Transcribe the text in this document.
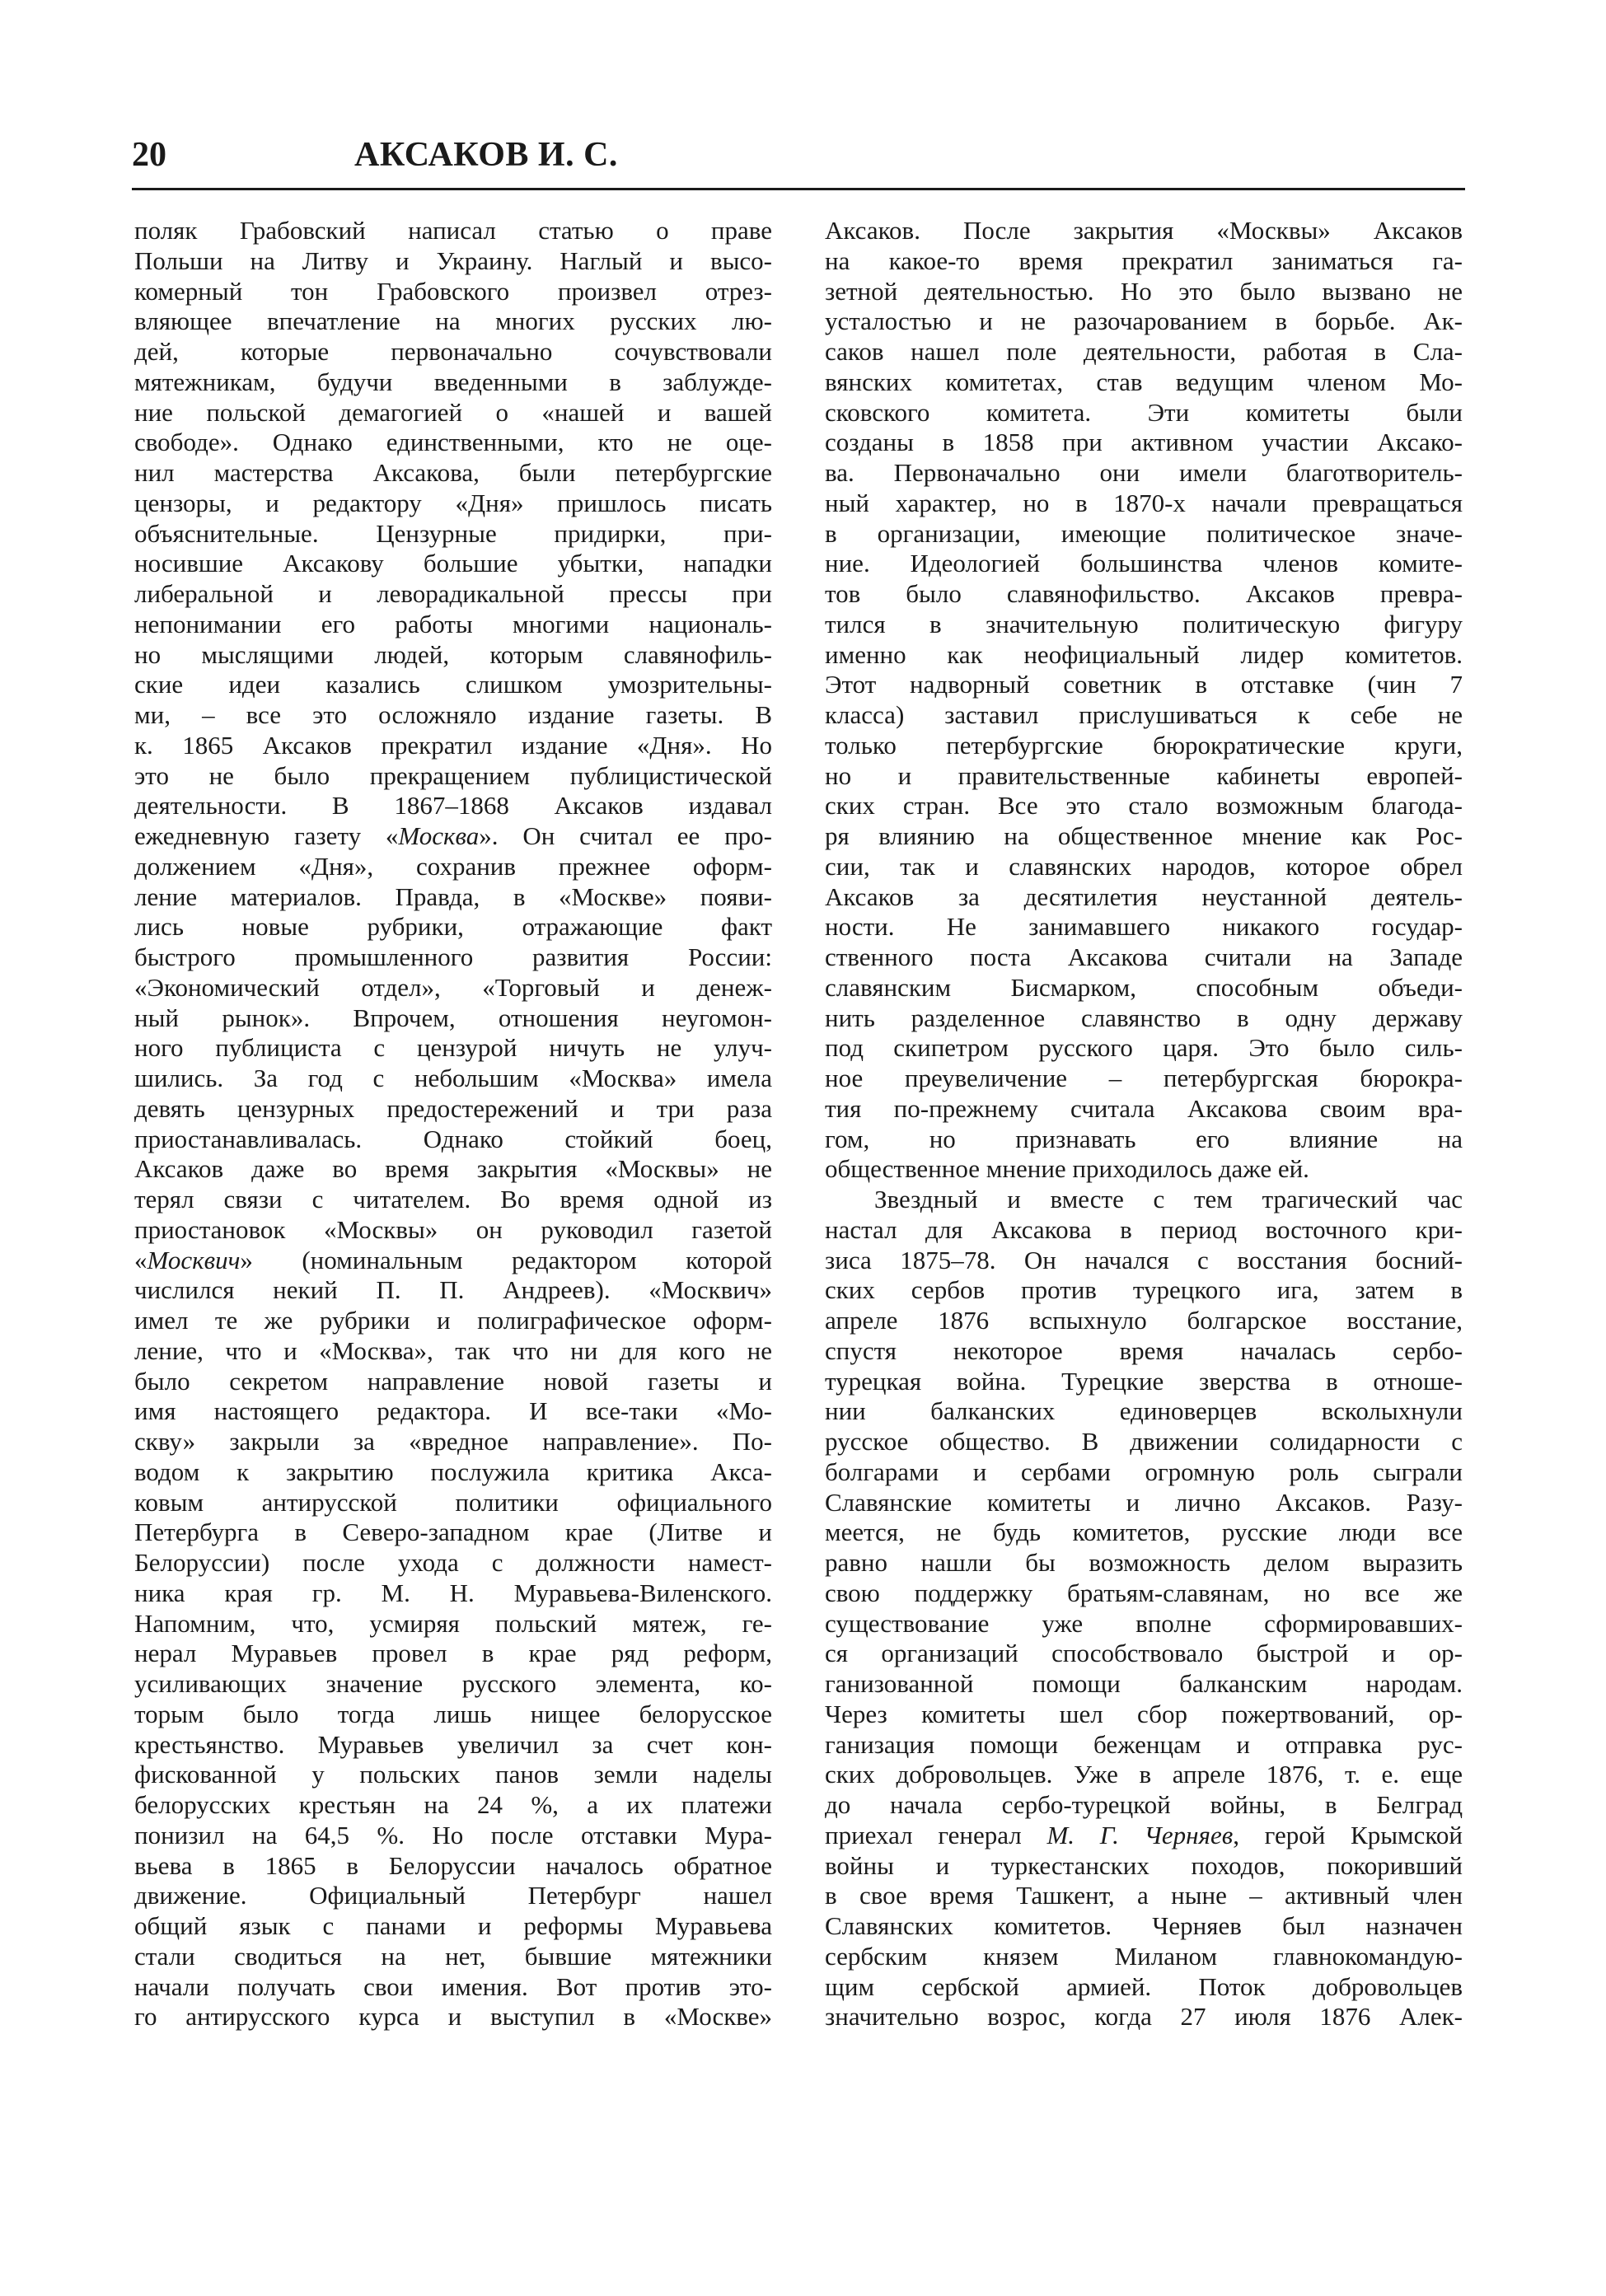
20	АКСАКОВ И. С.
поляк Грабовский написал статью о праве
Польши на Литву и Украину. Наглый и высо-
комерный тон Грабовского произвел отрез-
вляющее впечатление на многих русских лю-
дей, которые первоначально сочувствовали
мятежникам, будучи введенными в заблужде-
ние польской демагогией о «нашей и вашей
свободе». Однако единственными, кто не оце-
нил мастерства Аксакова, были петербургские
цензоры, и редактору «Дня» пришлось писать
объяснительные. Цензурные придирки, при-
носившие Аксакову большие убытки, нападки
либеральной и леворадикальной прессы при
непонимании его работы многими националь-
но мыслящими людей, которым славянофиль-
ские идеи казались слишком умозрительны-
ми, – все это осложняло издание газеты. В
к. 1865 Аксаков прекратил издание «Дня». Но
это не было прекращением публицистической
деятельности. В 1867–1868 Аксаков издавал
ежедневную газету «Москва». Он считал ее про-
должением «Дня», сохранив прежнее оформ-
ление материалов. Правда, в «Москве» появи-
лись новые рубрики, отражающие факт
быстрого промышленного развития России:
«Экономический отдел», «Торговый и денеж-
ный рынок». Впрочем, отношения неугомон-
ного публициста с цензурой ничуть не улуч-
шились. За год с небольшим «Москва» имела
девять цензурных предостережений и три раза
приостанавливалась. Однако стойкий боец,
Аксаков даже во время закрытия «Москвы» не
терял связи с читателем. Во время одной из
приостановок «Москвы» он руководил газетой
«Москвич» (номинальным редактором которой
числился некий П. П. Андреев). «Москвич»
имел те же рубрики и полиграфическое оформ-
ление, что и «Москва», так что ни для кого не
было секретом направление новой газеты и
имя настоящего редактора. И все-таки «Мо-
скву» закрыли за «вредное направление». По-
водом к закрытию послужила критика Акса-
ковым антирусской политики официального
Петербурга в Северо-западном крае (Литве и
Белоруссии) после ухода с должности намест-
ника края гр. М. Н. Муравьева-Виленского.
Напомним, что, усмиряя польский мятеж, ге-
нерал Муравьев провел в крае ряд реформ,
усиливающих значение русского элемента, ко-
торым было тогда лишь нищее белорусское
крестьянство. Муравьев увеличил за счет кон-
фискованной у польских панов земли наделы
белорусских крестьян на 24 %, а их платежи
понизил на 64,5 %. Но после отставки Мура-
вьева в 1865 в Белоруссии началось обратное
движение. Официальный Петербург нашел
общий язык с панами и реформы Муравьева
стали сводиться на нет, бывшие мятежники
начали получать свои имения. Вот против это-
го антирусского курса и выступил в «Москве»
Аксаков. После закрытия «Москвы» Аксаков
на какое-то время прекратил заниматься га-
зетной деятельностью. Но это было вызвано не
усталостью и не разочарованием в борьбе. Ак-
саков нашел поле деятельности, работая в Сла-
вянских комитетах, став ведущим членом Мо-
сковского комитета. Эти комитеты были
созданы в 1858 при активном участии Аксако-
ва. Первоначально они имели благотворитель-
ный характер, но в 1870-х начали превращаться
в организации, имеющие политическое значе-
ние. Идеологией большинства членов комите-
тов было славянофильство. Аксаков превра-
тился в значительную политическую фигуру
именно как неофициальный лидер комитетов.
Этот надворный советник в отставке (чин 7
класса) заставил прислушиваться к себе не
только петербургские бюрократические круги,
но и правительственные кабинеты европей-
ских стран. Все это стало возможным благода-
ря влиянию на общественное мнение как Рос-
сии, так и славянских народов, которое обрел
Аксаков за десятилетия неустанной деятель-
ности. Не занимавшего никакого государ-
ственного поста Аксакова считали на Западе
славянским Бисмарком, способным объеди-
нить разделенное славянство в одну державу
под скипетром русского царя. Это было силь-
ное преувеличение – петербургская бюрокра-
тия по-прежнему считала Аксакова своим вра-
гом, но признавать его влияние на
общественное мнение приходилось даже ей.
Звездный и вместе с тем трагический час
настал для Аксакова в период восточного кри-
зиса 1875–78. Он начался с восстания босний-
ских сербов против турецкого ига, затем в
апреле 1876 вспыхнуло болгарское восстание,
спустя некоторое время началась сербо-
турецкая война. Турецкие зверства в отноше-
нии балканских единоверцев всколыхнули
русское общество. В движении солидарности с
болгарами и сербами огромную роль сыграли
Славянские комитеты и лично Аксаков. Разу-
меется, не будь комитетов, русские люди все
равно нашли бы возможность делом выразить
свою поддержку братьям-славянам, но все же
существование уже вполне сформировавших-
ся организаций способствовало быстрой и ор-
ганизованной помощи балканским народам.
Через комитеты шел сбор пожертвований, ор-
ганизация помощи беженцам и отправка рус-
ских добровольцев. Уже в апреле 1876, т. е. еще
до начала сербо-турецкой войны, в Белград
приехал генерал М. Г. Черняев, герой Крымской
войны и туркестанских походов, покоривший
в свое время Ташкент, а ныне – активный член
Славянских комитетов. Черняев был назначен
сербским князем Миланом главнокомандую-
щим сербской армией. Поток добровольцев
значительно возрос, когда 27 июля 1876 Алек-
